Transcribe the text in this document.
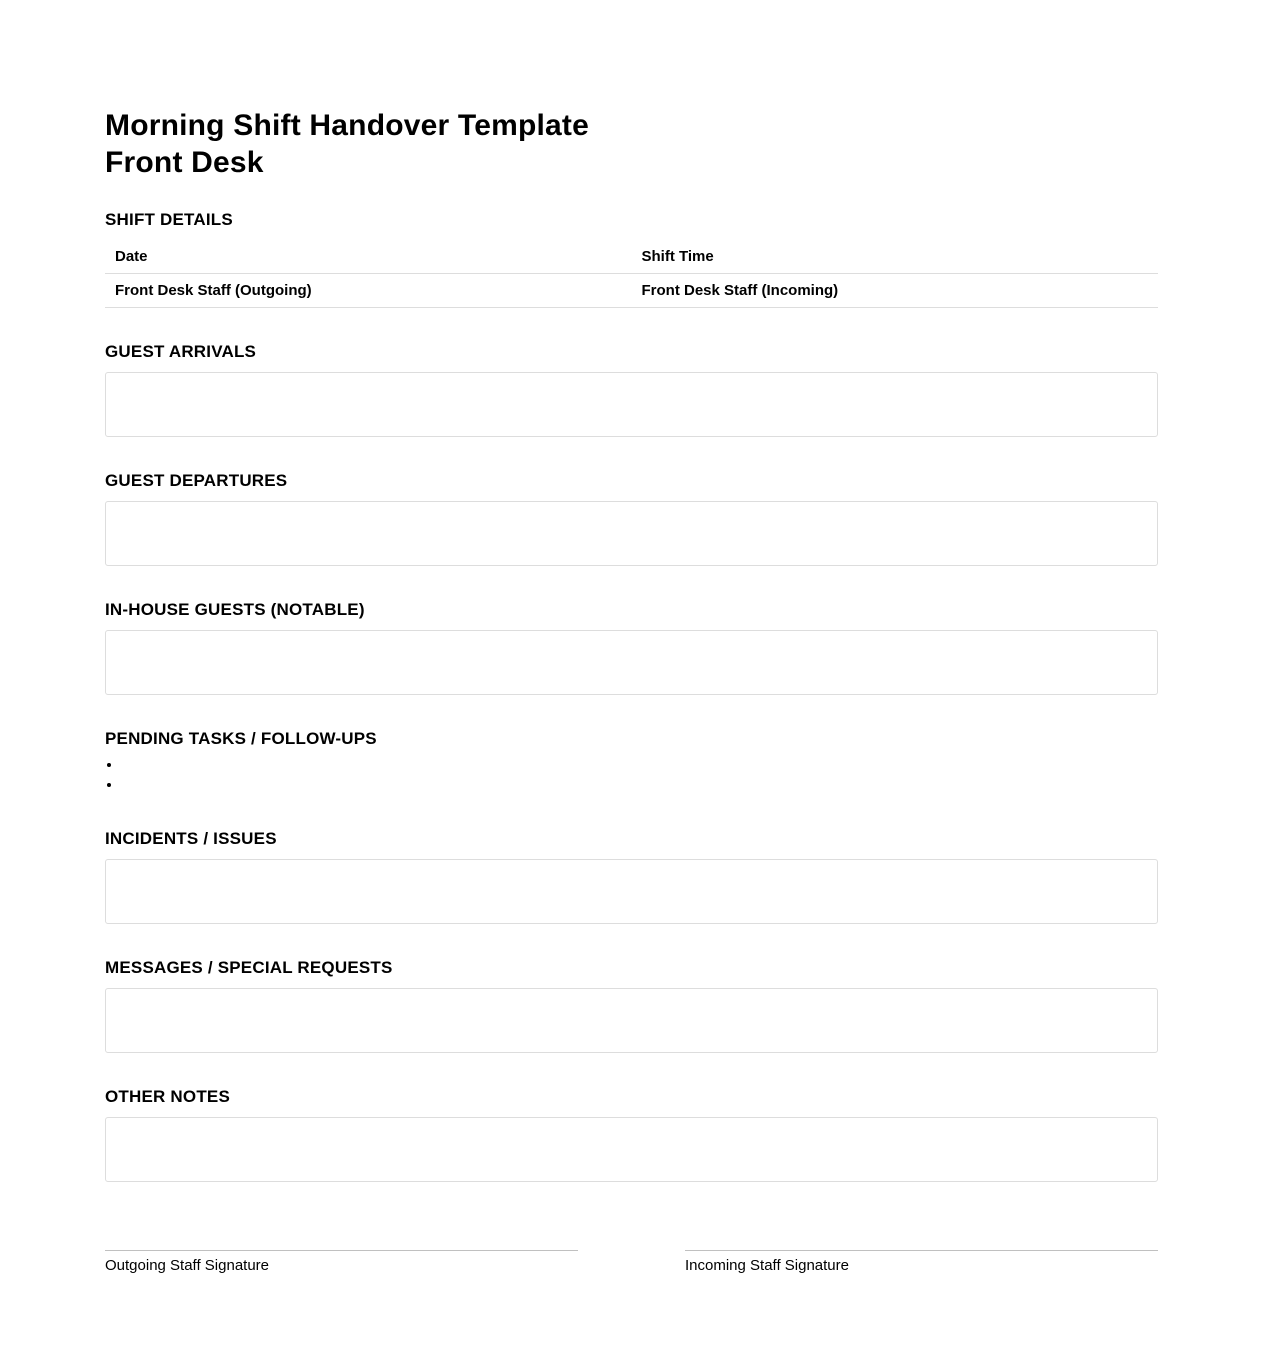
Morning Shift Handover Template
Front Desk
SHIFT DETAILS
Date	Shift Time
Front Desk Staff (Outgoing)	Front Desk Staff (Incoming)
GUEST ARRIVALS
GUEST DEPARTURES
IN-HOUSE GUESTS (NOTABLE)
PENDING TASKS / FOLLOW-UPS
INCIDENTS / ISSUES
MESSAGES / SPECIAL REQUESTS
OTHER NOTES
Outgoing Staff Signature	Incoming Staff Signature
